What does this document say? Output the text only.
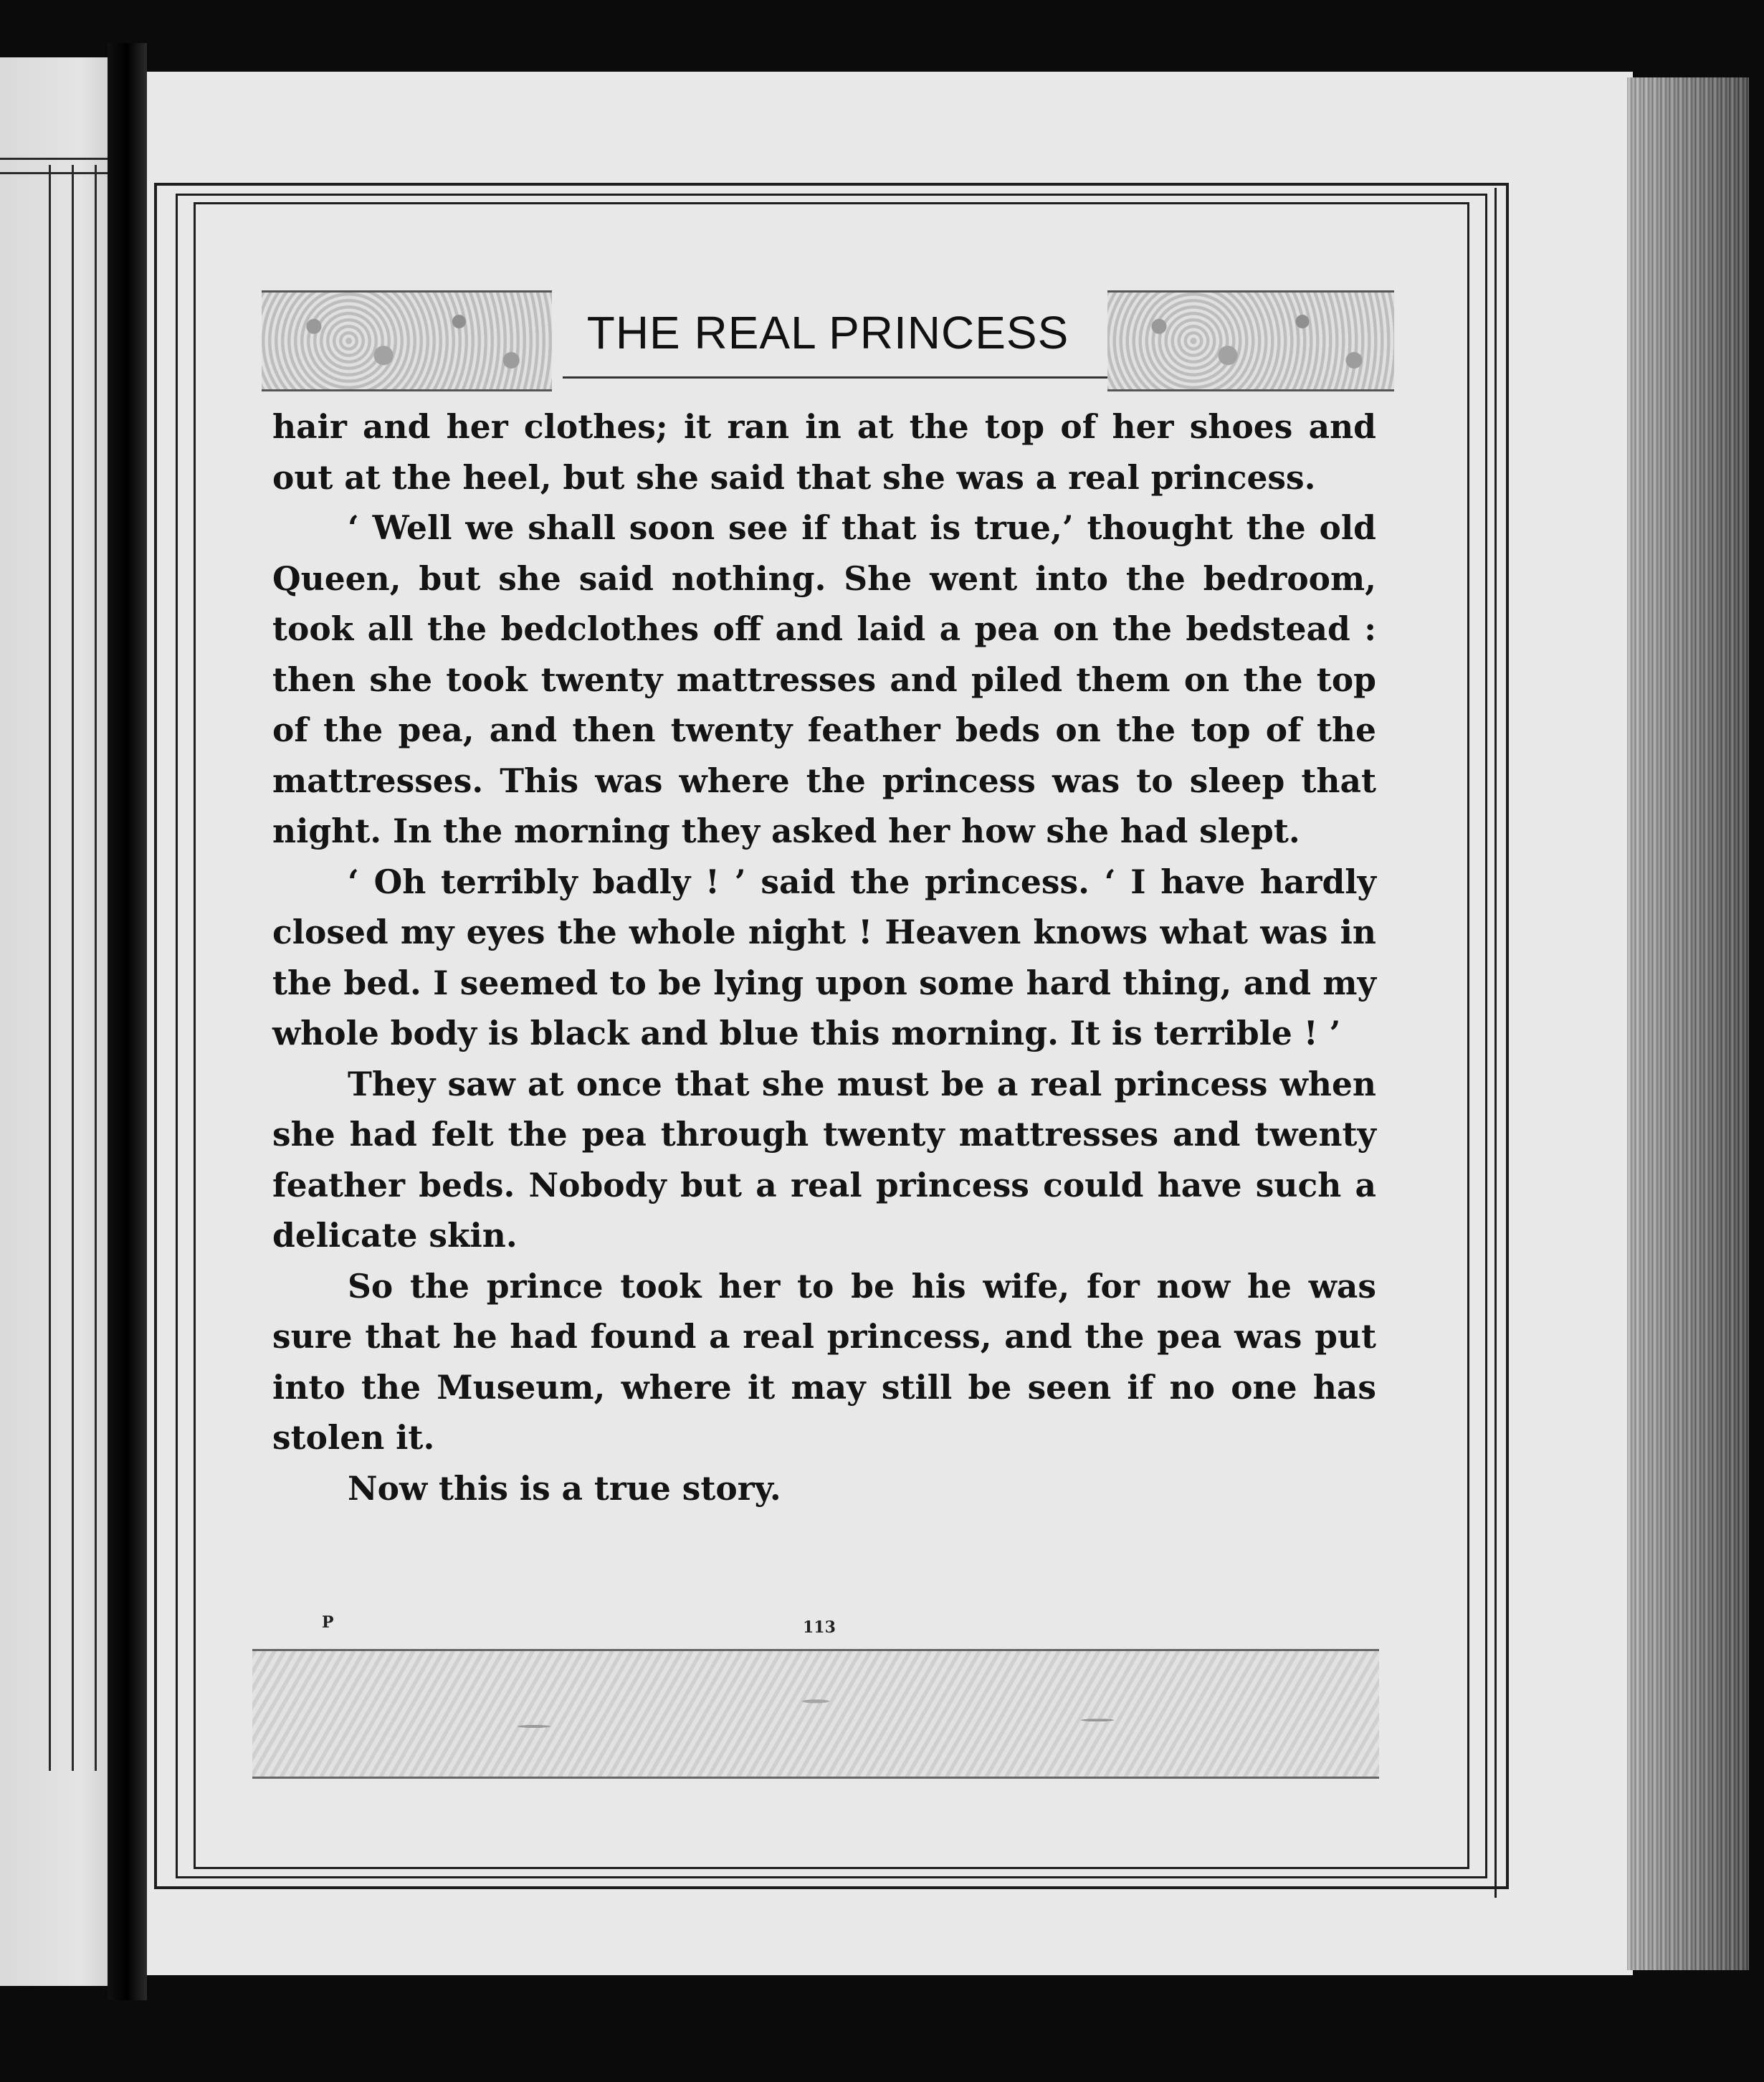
THE REAL PRINCESS

hair and her clothes; it ran in at the top of her shoes and out at the heel, but she said that she was a real princess.

‘ Well we shall soon see if that is true,’ thought the old Queen, but she said nothing. She went into the bedroom, took all the bedclothes off and laid a pea on the bedstead : then she took twenty mattresses and piled them on the top of the pea, and then twenty feather beds on the top of the mattresses. This was where the princess was to sleep that night. In the morning they asked her how she had slept.

‘ Oh terribly badly ! ’ said the princess. ‘ I have hardly closed my eyes the whole night ! Heaven knows what was in the bed. I seemed to be lying upon some hard thing, and my whole body is black and blue this morning. It is terrible ! ’

They saw at once that she must be a real princess when she had felt the pea through twenty mattresses and twenty feather beds. Nobody but a real princess could have such a delicate skin.

So the prince took her to be his wife, for now he was sure that he had found a real princess, and the pea was put into the Museum, where it may still be seen if no one has stolen it.

Now this is a true story.

P	113
